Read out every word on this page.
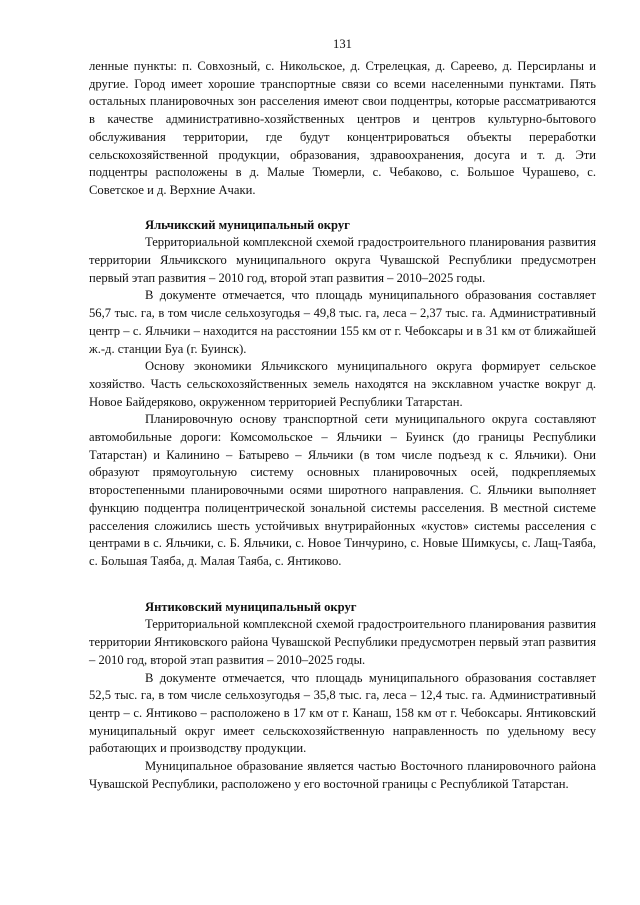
131

ленные пункты: п. Совхозный, с. Никольское, д. Стрелецкая, д. Сареево, д. Персирланы и другие. Город имеет хорошие транспортные связи со всеми населенными пунктами. Пять остальных планировочных зон расселения имеют свои подцентры, которые рассматриваются в качестве административно-хозяйственных центров и центров культурно-бытового обслуживания территории, где будут концентрироваться объекты переработки сельскохозяйственной продукции, образования, здравоохранения, досуга и т. д. Эти подцентры расположены в д. Малые Тюмерли, с. Чебаково, с. Большое Чурашево, с. Советское и д. Верхние Ачаки.

Яльчикский муниципальный округ

Территориальной комплексной схемой градостроительного планирования развития территории Яльчикского муниципального округа Чувашской Республики предусмотрен первый этап развития – 2010 год, второй этап развития – 2010–2025 годы.

В документе отмечается, что площадь муниципального образования составляет 56,7 тыс. га, в том числе сельхозугодья – 49,8 тыс. га, леса – 2,37 тыс. га. Административный центр – с. Яльчики – находится на расстоянии 155 км от г. Чебоксары и в 31 км от ближайшей ж.-д. станции Буа (г. Буинск).

Основу экономики Яльчикского муниципального округа формирует сельское хозяйство. Часть сельскохозяйственных земель находятся на эксклавном участке вокруг д. Новое Байдеряково, окруженном территорией Республики Татарстан.

Планировочную основу транспортной сети муниципального округа составляют автомобильные дороги: Комсомольское – Яльчики – Буинск (до границы Республики Татарстан) и Калинино – Батырево – Яльчики (в том числе подъезд к с. Яльчики). Они образуют прямоугольную систему основных планировочных осей, подкрепляемых второстепенными планировочными осями широтного направления. С. Яльчики выполняет функцию подцентра полицентрической зональной системы расселения. В местной системе расселения сложились шесть устойчивых внутрирайонных «кустов» системы расселения с центрами в с. Яльчики, с. Б. Яльчики, с. Новое Тинчурино, с. Новые Шимкусы, с. Лащ-Таяба, с. Большая Таяба, д. Малая Таяба, с. Янтиково.

Янтиковский муниципальный округ

Территориальной комплексной схемой градостроительного планирования развития территории Янтиковского района Чувашской Республики предусмотрен первый этап развития – 2010 год, второй этап развития – 2010–2025 годы.

В документе отмечается, что площадь муниципального образования составляет 52,5 тыс. га, в том числе сельхозугодья – 35,8 тыс. га, леса – 12,4 тыс. га. Административный центр – с. Янтиково – расположено в 17 км от г. Канаш, 158 км от г. Чебоксары. Янтиковский муниципальный округ имеет сельскохозяйственную направленность по удельному весу работающих и производству продукции.

Муниципальное образование является частью Восточного планировочного района Чувашской Республики, расположено у его восточной границы с Республикой Татарстан.
